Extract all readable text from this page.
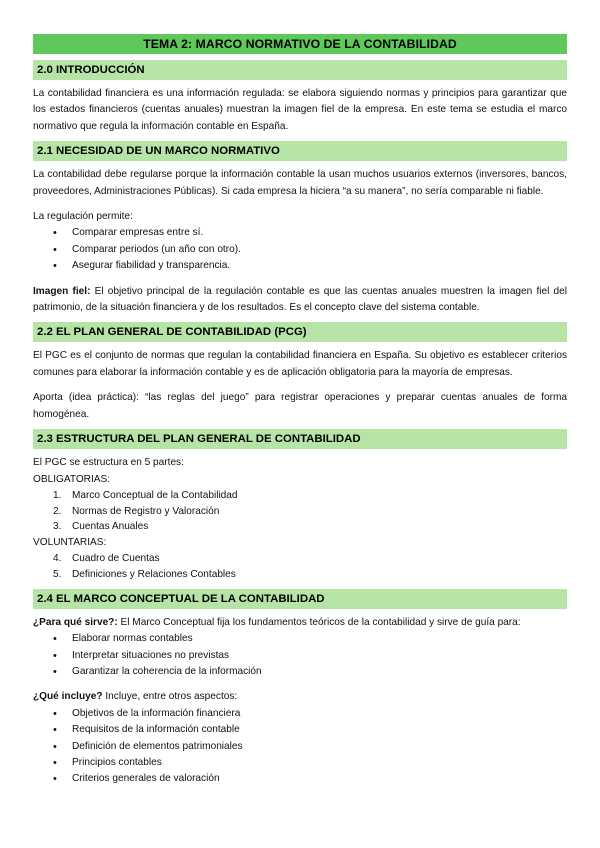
TEMA 2: MARCO NORMATIVO DE LA CONTABILIDAD
2.0 INTRODUCCIÓN

La contabilidad financiera es una información regulada: se elabora siguiendo normas y principios para garantizar que los estados financieros (cuentas anuales) muestran la imagen fiel de la empresa. En este tema se estudia el marco normativo que regula la información contable en España.

2.1 NECESIDAD DE UN MARCO NORMATIVO

La contabilidad debe regularse porque la información contable la usan muchos usuarios externos (inversores, bancos, proveedores, Administraciones Públicas). Si cada empresa la hiciera “a su manera”, no sería comparable ni fiable.

La regulación permite:

• Comparar empresas entre sí.
• Comparar periodos (un año con otro).
• Asegurar fiabilidad y transparencia.

Imagen fiel: El objetivo principal de la regulación contable es que las cuentas anuales muestren la imagen fiel del patrimonio, de la situación financiera y de los resultados. Es el concepto clave del sistema contable.

2.2 EL PLAN GENERAL DE CONTABILIDAD (PCG)

El PGC es el conjunto de normas que regulan la contabilidad financiera en España. Su objetivo es establecer criterios comunes para elaborar la información contable y es de aplicación obligatoria para la mayoría de empresas.

Aporta (idea práctica): “las reglas del juego” para registrar operaciones y preparar cuentas anuales de forma homogénea.

2.3 ESTRUCTURA DEL PLAN GENERAL DE CONTABILIDAD

El PGC se estructura en 5 partes:

OBLIGATORIAS:

1. Marco Conceptual de la Contabilidad
2. Normas de Registro y Valoración
3. Cuentas Anuales

VOLUNTARIAS:

4. Cuadro de Cuentas
5. Definiciones y Relaciones Contables
2.4 EL MARCO CONCEPTUAL DE LA CONTABILIDAD

¿Para qué sirve?: El Marco Conceptual fija los fundamentos teóricos de la contabilidad y sirve de guía para:

• Elaborar normas contables
• Interpretar situaciones no previstas
• Garantizar la coherencia de la información

¿Qué incluye? Incluye, entre otros aspectos:

• Objetivos de la información financiera
• Requisitos de la información contable
• Definición de elementos patrimoniales
• Principios contables
• Criterios generales de valoración
